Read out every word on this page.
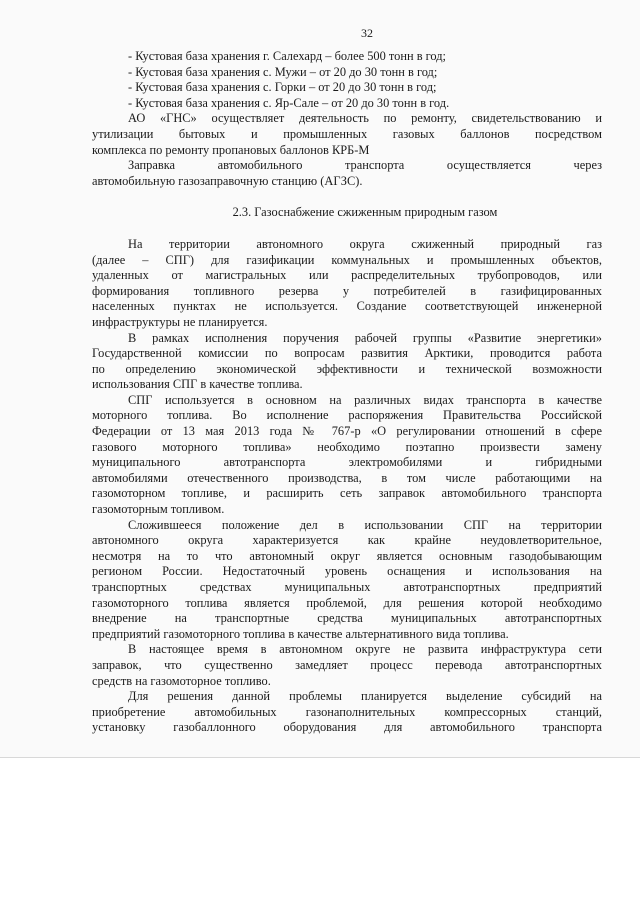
32
- Кустовая база хранения г. Салехард – более 500 тонн в год;
- Кустовая база хранения с. Мужи – от 20 до 30 тонн в год;
- Кустовая база хранения с. Горки – от 20 до 30 тонн в год;
- Кустовая база хранения с. Яр-Сале – от 20 до 30 тонн в год.
АО «ГНС» осуществляет деятельность по ремонту, свидетельствованию и
утилизации бытовых и промышленных газовых баллонов посредством
комплекса по ремонту пропановых баллонов КРБ-М
Заправка автомобильного транспорта осуществляется через
автомобильную газозаправочную станцию (АГЗС).
2.3. Газоснабжение сжиженным природным газом
На территории автономного округа сжиженный природный газ
(далее – СПГ) для газификации коммунальных и промышленных объектов,
удаленных от магистральных или распределительных трубопроводов, или
формирования топливного резерва у потребителей в газифицированных
населенных пунктах не используется. Создание соответствующей инженерной
инфраструктуры не планируется.
В рамках исполнения поручения рабочей группы «Развитие энергетики»
Государственной комиссии по вопросам развития Арктики, проводится работа
по определению экономической эффективности и технической возможности
использования СПГ в качестве топлива.
СПГ используется в основном на различных видах транспорта в качестве
моторного топлива. Во исполнение распоряжения Правительства Российской
Федерации от 13 мая 2013 года № 767-р «О регулировании отношений в сфере
газового моторного топлива» необходимо поэтапно произвести замену
муниципального автотранспорта электромобилями и гибридными
автомобилями отечественного производства, в том числе работающими на
газомоторном топливе, и расширить сеть заправок автомобильного транспорта
газомоторным топливом.
Сложившееся положение дел в использовании СПГ на территории
автономного округа характеризуется как крайне неудовлетворительное,
несмотря на то что автономный округ является основным газодобывающим
регионом России. Недостаточный уровень оснащения и использования на
транспортных средствах муниципальных автотранспортных предприятий
газомоторного топлива является проблемой, для решения которой необходимо
внедрение на транспортные средства муниципальных автотранспортных
предприятий газомоторного топлива в качестве альтернативного вида топлива.
В настоящее время в автономном округе не развита инфраструктура сети
заправок, что существенно замедляет процесс перевода автотранспортных
средств на газомоторное топливо.
Для решения данной проблемы планируется выделение субсидий на
приобретение автомобильных газонаполнительных компрессорных станций,
установку газобаллонного оборудования для автомобильного транспорта
